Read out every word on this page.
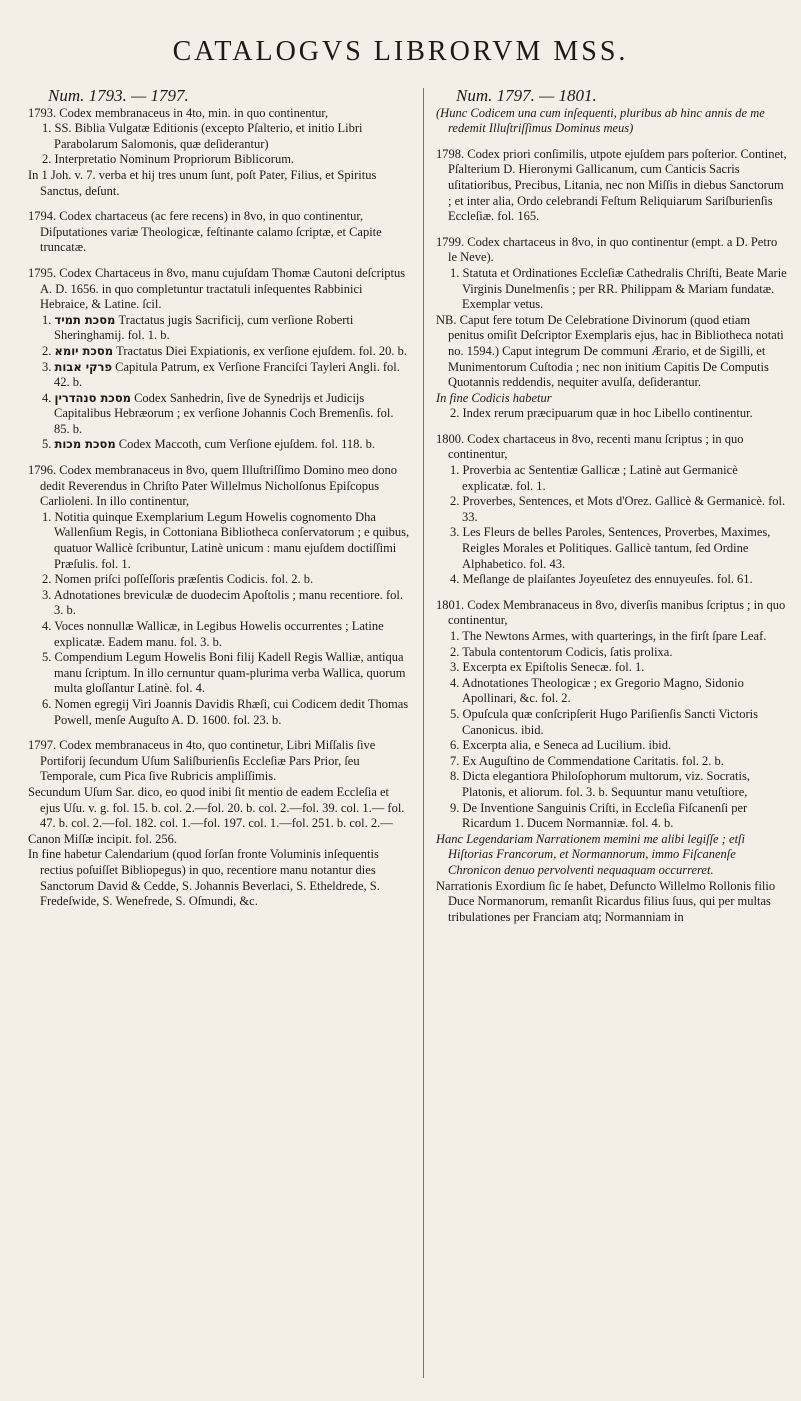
CATALOGVS LIBRORVM MSS.
Num. 1793. — 1797.

1793. Codex membranaceus in 4to, min. in quo continentur,

1. SS. Biblia Vulgatæ Editionis (excepto Pſalterio, et initio Libri Parabolarum Salomonis, quæ deſiderantur)

2. Interpretatio Nominum Propriorum Biblicorum.

In 1 Joh. v. 7. verba et hij tres unum ſunt, poſt Pater, Filius, et Spiritus Sanctus, deſunt.

1794. Codex chartaceus (ac fere recens) in 8vo, in quo continentur, Diſputationes variæ Theologicæ, feſtinante calamo ſcriptæ, et Capite truncatæ.

1795. Codex Chartaceus in 8vo, manu cujuſdam Thomæ Cautoni deſcriptus A. D. 1656. in quo completuntur tractatuli inſequentes Rabbinici Hebraice, & Latine. ſcil.

1. מסכת תמיד Tractatus jugis Sacrificij, cum verſione Roberti Sheringhamij. fol. 1. b.

2. מסכת יומא Tractatus Diei Expiationis, ex verſione ejuſdem. fol. 20. b.

3. פרקי אבות Capitula Patrum, ex Verſione Franciſci Tayleri Angli. fol. 42. b.

4. מסכת סנהדרין Codex Sanhedrin, ſive de Synedrijs et Judicijs Capitalibus Hebræorum ; ex verſione Johannis Coch Bremenſis. fol. 85. b.

5. מסכת מכות Codex Maccoth, cum Verſione ejuſdem. fol. 118. b.

1796. Codex membranaceus in 8vo, quem Illuſtriſſimo Domino meo dono dedit Reverendus in Chriſto Pater Willelmus Nicholſonus Epiſcopus Carlioleni. In illo continentur,

1. Notitia quinque Exemplarium Legum Howelis cognomento Dha Wallenſium Regis, in Cottoniana Bibliotheca conſervatorum ; e quibus, quatuor Wallicè ſcribuntur, Latinè unicum : manu ejuſdem doctiſſimi Præſulis. fol. 1.

2. Nomen priſci poſſeſſoris præſentis Codicis. fol. 2. b.

3. Adnotationes breviculæ de duodecim Apoſtolis ; manu recentiore. fol. 3. b.

4. Voces nonnullæ Wallicæ, in Legibus Howelis occurrentes ; Latine explicatæ. Eadem manu. fol. 3. b.

5. Compendium Legum Howelis Boni filij Kadell Regis Walliæ, antiqua manu ſcriptum. In illo cernuntur quam-plurima verba Wallica, quorum multa gloſſantur Latinè. fol. 4.

6. Nomen egregij Viri Joannis Davidis Rhæſi, cui Codicem dedit Thomas Powell, menſe Auguſto A. D. 1600. fol. 23. b.

1797. Codex membranaceus in 4to, quo continetur, Libri Miſſalis ſive Portiforij ſecundum Uſum Saliſburienſis Eccleſiæ Pars Prior, ſeu Temporale, cum Pica ſive Rubricis ampliſſimis.

Secundum Uſum Sar. dico, eo quod inibi ſit mentio de eadem Eccleſia et ejus Uſu. v. g. fol. 15. b. col. 2.—fol. 20. b. col. 2.—fol. 39. col. 1.— fol. 47. b. col. 2.—fol. 182. col. 1.—fol. 197. col. 1.—fol. 251. b. col. 2.—

Canon Miſſæ incipit. fol. 256.

In fine habetur Calendarium (quod ſorſan fronte Voluminis inſequentis rectius poſuiſſet Bibliopegus) in quo, recentiore manu notantur dies Sanctorum David & Cedde, S. Johannis Beverlaci, S. Etheldrede, S. Fredeſwide, S. Wenefrede, S. Oſmundi, &c.

Num. 1797. — 1801.

(Hunc Codicem una cum inſequenti, pluribus ab hinc annis de me redemit Illuſtriſſimus Dominus meus)

1798. Codex priori conſimilis, utpote ejuſdem pars poſterior. Continet, Pſalterium D. Hieronymi Gallicanum, cum Canticis Sacris uſitatioribus, Precibus, Litania, nec non Miſſis in diebus Sanctorum ; et inter alia, Ordo celebrandi Feſtum Reliquiarum Sariſburienſis Eccleſiæ. fol. 165.

1799. Codex chartaceus in 8vo, in quo continentur (empt. a D. Petro le Neve).

1. Statuta et Ordinationes Eccleſiæ Cathedralis Chriſti, Beate Marie Virginis Dunelmenſis ; per RR. Philippam & Mariam fundatæ. Exemplar vetus.

NB. Caput fere totum De Celebratione Divinorum (quod etiam penitus omiſit Deſcriptor Exemplaris ejus, hac in Bibliotheca notati no. 1594.) Caput integrum De communi Ærario, et de Sigilli, et Munimentorum Cuſtodia ; nec non initium Capitis De Computis Quotannis reddendis, nequiter avulſa, deſiderantur.

In fine Codicis habetur

2. Index rerum præcipuarum quæ in hoc Libello continentur.

1800. Codex chartaceus in 8vo, recenti manu ſcriptus ; in quo continentur,

1. Proverbia ac Sententiæ Gallicæ ; Latinè aut Germanicè explicatæ. fol. 1.

2. Proverbes, Sentences, et Mots d'Orez. Gallicè & Germanicè. fol. 33.

3. Les Fleurs de belles Paroles, Sentences, Proverbes, Maximes, Reigles Morales et Politiques. Gallicè tantum, ſed Ordine Alphabetico. fol. 43.

4. Meſlange de plaiſantes Joyeuſetez des ennuyeuſes. fol. 61.

1801. Codex Membranaceus in 8vo, diverſis manibus ſcriptus ; in quo continentur,

1. The Newtons Armes, with quarterings, in the firſt ſpare Leaf.

2. Tabula contentorum Codicis, ſatis prolixa.

3. Excerpta ex Epiſtolis Senecæ. fol. 1.

4. Adnotationes Theologicæ ; ex Gregorio Magno, Sidonio Apollinari, &c. fol. 2.

5. Opuſcula quæ conſcripſerit Hugo Pariſienſis Sancti Victoris Canonicus. ibid.

6. Excerpta alia, e Seneca ad Lucilium. ibid.

7. Ex Auguſtino de Commendatione Caritatis. fol. 2. b.

8. Dicta elegantiora Philoſophorum multorum, viz. Socratis, Platonis, et aliorum. fol. 3. b. Sequuntur manu vetuſtiore,

9. De Inventione Sanguinis Criſti, in Eccleſia Fiſcanenſi per Ricardum 1. Ducem Normanniæ. fol. 4. b.

Hanc Legendariam Narrationem memini me alibi legiſſe ; etſi Hiſtorias Francorum, et Normannorum, immo Fiſcanenſe Chronicon denuo pervolventi nequaquam occurreret.

Narrationis Exordium ſic ſe habet, Defuncto Willelmo Rollonis filio Duce Normanorum, remanſit Ricardus filius ſuus, qui per multas tribulationes per Franciam atq; Normanniam in
